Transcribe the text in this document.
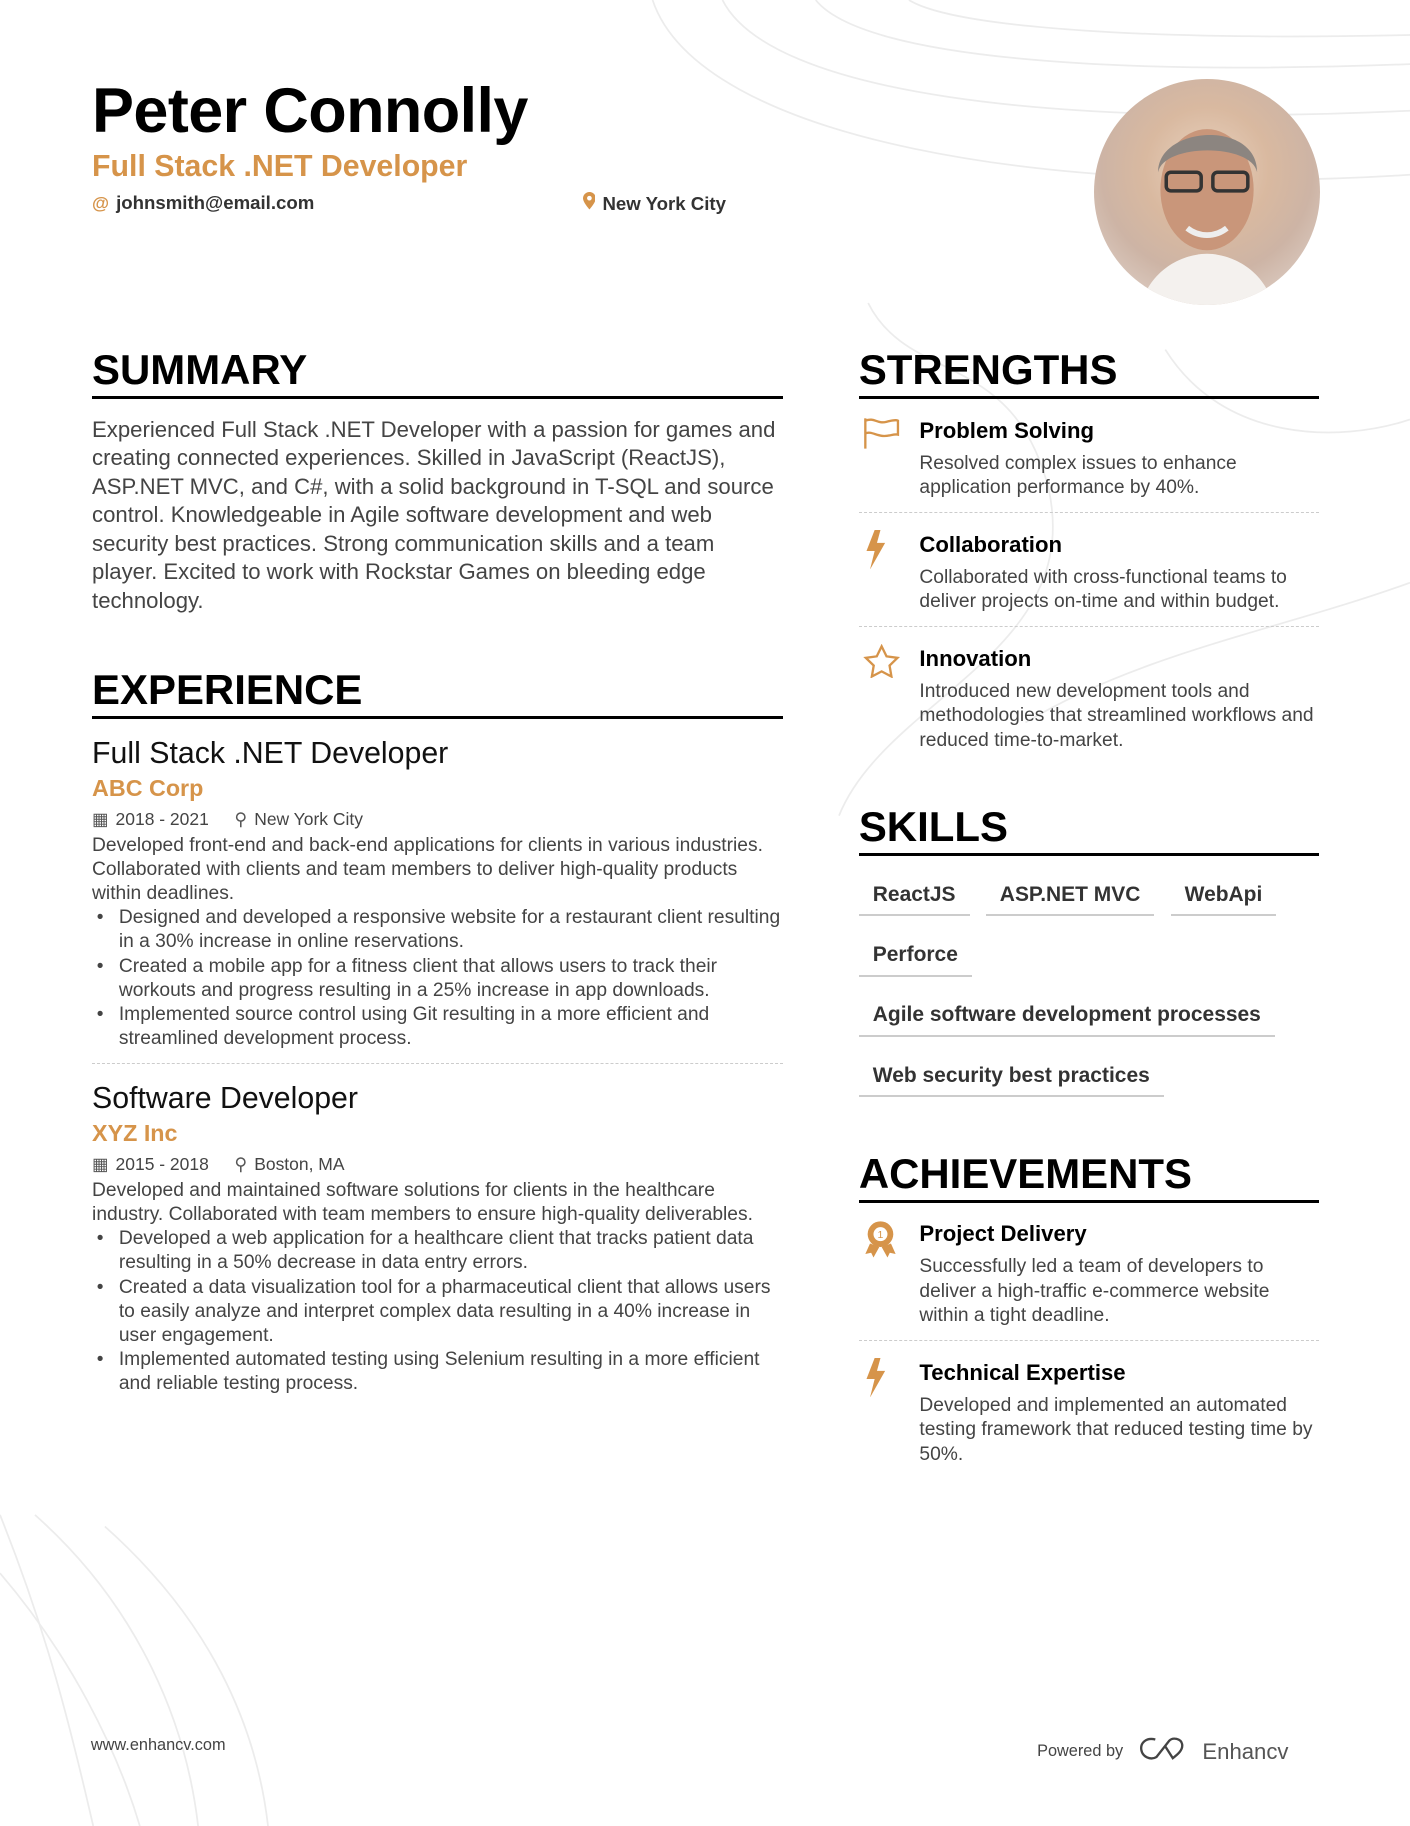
Peter Connolly
Full Stack .NET Developer
@ johnsmith@email.com	New York City
SUMMARY
Experienced Full Stack .NET Developer with a passion for games and creating connected experiences. Skilled in JavaScript (ReactJS), ASP.NET MVC, and C#, with a solid background in T-SQL and source control. Knowledgeable in Agile software development and web security best practices. Strong communication skills and a team player. Excited to work with Rockstar Games on bleeding edge technology.
EXPERIENCE
Full Stack .NET Developer
ABC Corp
▦ 2018 - 2021 ⚲ New York City
Developed front-end and back-end applications for clients in various industries. Collaborated with clients and team members to deliver high-quality products within deadlines.
• Designed and developed a responsive website for a restaurant client resulting in a 30% increase in online reservations.
• Created a mobile app for a fitness client that allows users to track their workouts and progress resulting in a 25% increase in app downloads.
• Implemented source control using Git resulting in a more efficient and streamlined development process.
Software Developer
XYZ Inc
▦ 2015 - 2018 ⚲ Boston, MA
Developed and maintained software solutions for clients in the healthcare industry. Collaborated with team members to ensure high-quality deliverables.
• Developed a web application for a healthcare client that tracks patient data resulting in a 50% decrease in data entry errors.
• Created a data visualization tool for a pharmaceutical client that allows users to easily analyze and interpret complex data resulting in a 40% increase in user engagement.
• Implemented automated testing using Selenium resulting in a more efficient and reliable testing process.
STRENGTHS
Problem Solving
Resolved complex issues to enhance application performance by 40%.
Collaboration
Collaborated with cross-functional teams to deliver projects on-time and within budget.
Innovation
Introduced new development tools and methodologies that streamlined workflows and reduced time-to-market.
SKILLS
ReactJS	ASP.NET MVC	WebApi
Perforce
Agile software development processes
Web security best practices
ACHIEVEMENTS
1 Project Delivery
Successfully led a team of developers to deliver a high-traffic e-commerce website within a tight deadline.
Technical Expertise
Developed and implemented an automated testing framework that reduced testing time by 50%.
www.enhancv.com	Powered by	Enhancv
